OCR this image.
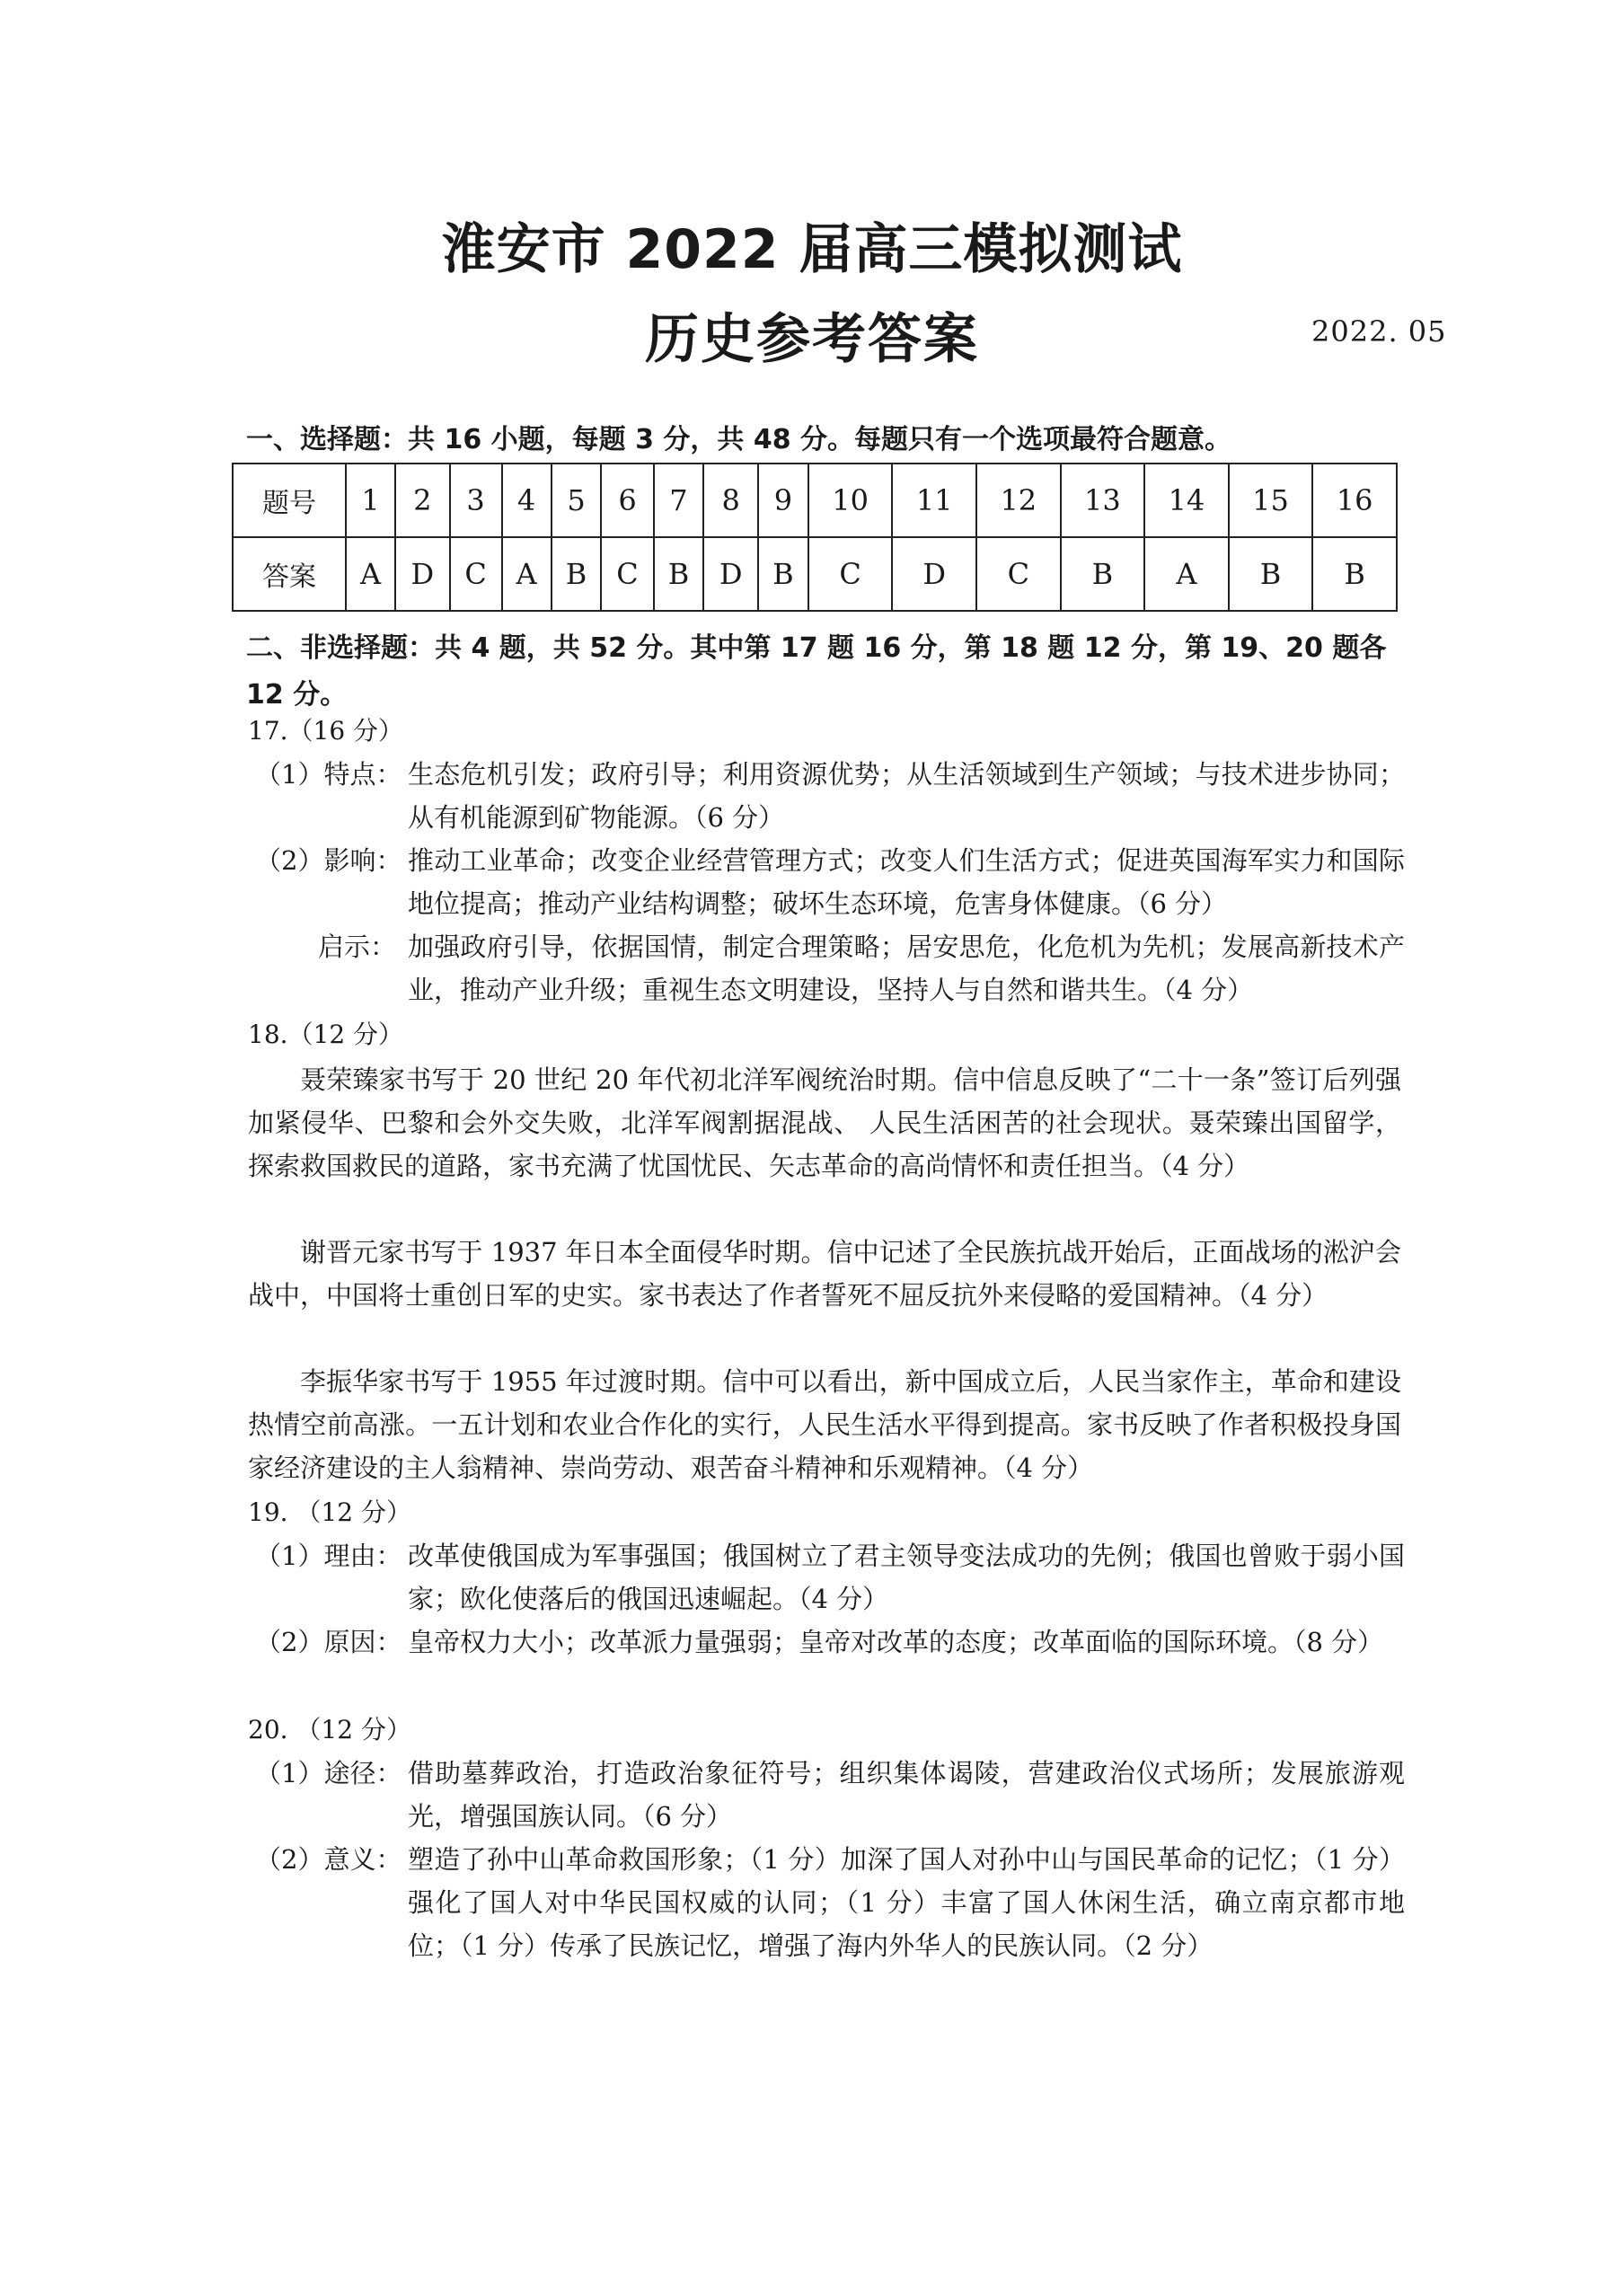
淮安市 2022 届高三模拟测试
历史参考答案	2022. 05
一、选择题：共 16 小题，每题 3 分，共 48 分。每题只有一个选项最符合题意。
题号	1	2	3	4	5	6	7	8	9	10	11	12	13	14	15	16
答案	A	D	C	A	B	C	B	D	B	C	D	C	B	A	B	B
二、非选择题：共 4 题，共 52 分。其中第 17 题 16 分，第 18 题 12 分，第 19、20 题各 12 分。
17.（16 分）
（1）特点： 生态危机引发；政府引导；利用资源优势；从生活领域到生产领域；与技术进步协同；从有机能源到矿物能源。（6 分）
（2）影响： 推动工业革命；改变企业经营管理方式；改变人们生活方式；促进英国海军实力和国际地位提高；推动产业结构调整；破坏生态环境，危害身体健康。（6 分）
启示： 加强政府引导，依据国情，制定合理策略；居安思危，化危机为先机；发展高新技术产业，推动产业升级；重视生态文明建设，坚持人与自然和谐共生。（4 分）
18.（12 分）
聂荣臻家书写于 20 世纪 20 年代初北洋军阀统治时期。信中信息反映了“二十一条”签订后列强加紧侵华、巴黎和会外交失败，北洋军阀割据混战、 人民生活困苦的社会现状。聂荣臻出国留学，探索救国救民的道路，家书充满了忧国忧民、矢志革命的高尚情怀和责任担当。（4 分）
谢晋元家书写于 1937 年日本全面侵华时期。信中记述了全民族抗战开始后，正面战场的淞沪会战中，中国将士重创日军的史实。家书表达了作者誓死不屈反抗外来侵略的爱国精神。（4 分）
李振华家书写于 1955 年过渡时期。信中可以看出，新中国成立后，人民当家作主，革命和建设热情空前高涨。一五计划和农业合作化的实行，人民生活水平得到提高。家书反映了作者积极投身国家经济建设的主人翁精神、崇尚劳动、艰苦奋斗精神和乐观精神。（4 分）
19. （12 分）
（1）理由： 改革使俄国成为军事强国；俄国树立了君主领导变法成功的先例；俄国也曾败于弱小国家；欧化使落后的俄国迅速崛起。（4 分）
（2）原因： 皇帝权力大小；改革派力量强弱；皇帝对改革的态度；改革面临的国际环境。（8 分）
20. （12 分）
（1）途径： 借助墓葬政治，打造政治象征符号；组织集体谒陵，营建政治仪式场所；发展旅游观光，增强国族认同。（6 分）
（2）意义： 塑造了孙中山革命救国形象；（1 分）加深了国人对孙中山与国民革命的记忆；（1 分）强化了国人对中华民国权威的认同；（1 分）丰富了国人休闲生活，确立南京都市地位；（1 分）传承了民族记忆，增强了海内外华人的民族认同。（2 分）
